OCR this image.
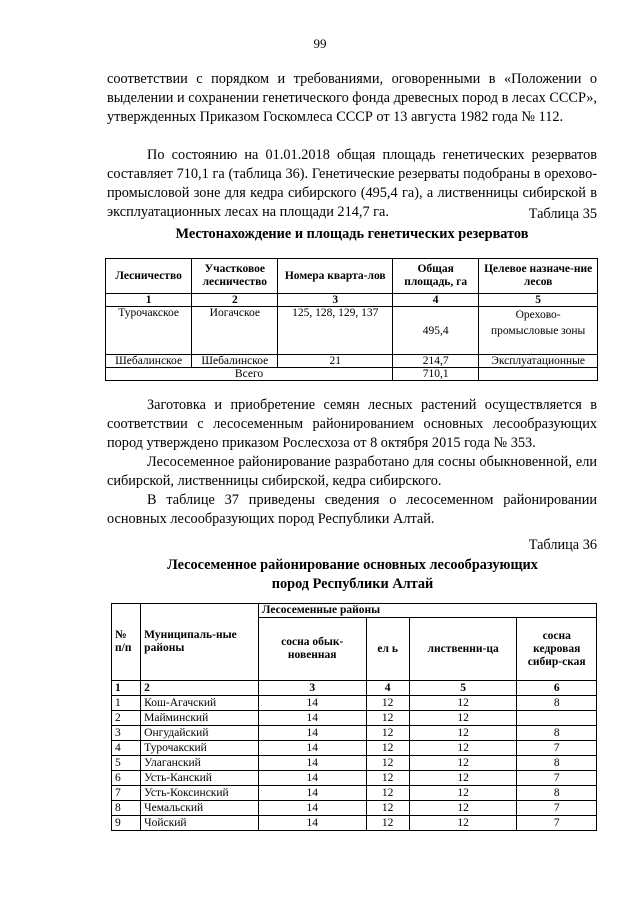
99

соответствии с порядком и требованиями, оговоренными в «Положении о выделении и сохранении генетического фонда древесных пород в лесах СССР», утвержденных Приказом Госкомлеса СССР от 13 августа 1982 года № 112.

По состоянию на 01.01.2018 общая площадь генетических резерватов составляет 710,1 га (таблица 36). Генетические резерваты подобраны в орехово-промысловой зоне для кедра сибирского (495,4 га), а лиственницы сибирской в эксплуатационных лесах на площади 214,7 га.	Таблица 35
Местонахождение и площадь генетических резерватов
Лесничество	Участковое лесничество	Номера кварта-лов	Общая площадь, га	Целевое назначе-ние лесов
1	2	3	4	5
Турочакское	Иогачское	125, 128, 129, 137	495,4	Орехово-промысловые зоны
Шебалинское	Шебалинское	21	214,7	Эксплуатационные
Всего			710,1	

Заготовка и приобретение семян лесных растений осуществляется в соответствии с лесосеменным районированием основных лесообразующих пород утверждено приказом Рослесхоза от 8 октября 2015 года № 353.

Лесосеменное районирование разработано для сосны обыкновенной, ели сибирской, лиственницы сибирской, кедра сибирского.

В таблице 37 приведены сведения о лесосеменном районировании основных лесообразующих пород Республики Алтай.

Таблица 36
Лесосеменное районирование основных лесообразующих пород Республики Алтай
№ п/п	Муниципаль-ные районы	Лесосеменные районы			
		сосна обык-новенная	ел ь	лиственни-ца	сосна кедровая сибир-ская
1	2	3	4	5	6
1	Кош-Агачский	14	12	12	8
2	Майминский	14	12	12	
3	Онгудайский	14	12	12	8
4	Турочакский	14	12	12	7
5	Улаганский	14	12	12	8
6	Усть-Канский	14	12	12	7
7	Усть-Коксинский	14	12	12	8
8	Чемальский	14	12	12	7
9	Чойский	14	12	12	7
